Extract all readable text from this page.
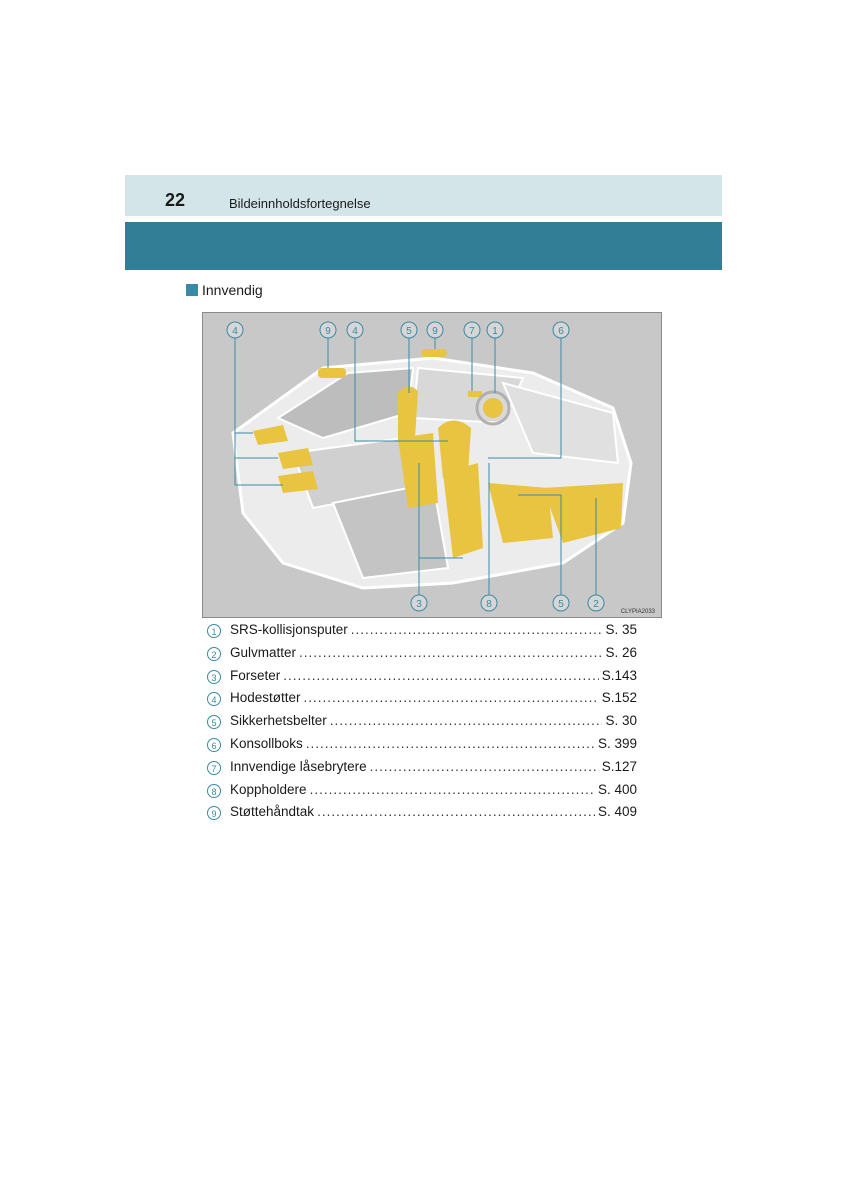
22	Bildeinnholdsfortegnelse
Innvendig
4	9 4	5 9	7 1	6
3	8	5	2
CLYPIA2033
1	SRS-kollisjonsputer .....	S. 35
2	Gulvmatter .....	S. 26
3	Forseter .....	S.143
4	Hodestøtter .....	S.152
5	Sikkerhetsbelter .....	S. 30
6	Konsollboks .....	S. 399
7	Innvendige låsebrytere .....	S.127
8	Koppholdere .....	S. 400
9	Støttehåndtak .....	S. 409
